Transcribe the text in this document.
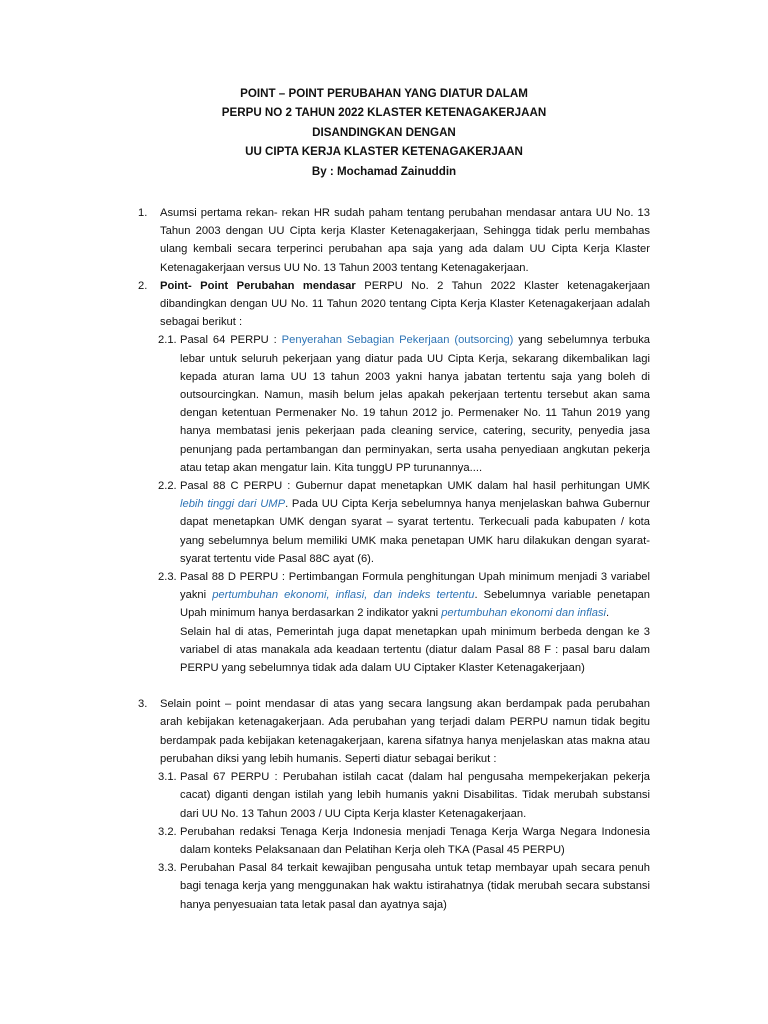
POINT – POINT PERUBAHAN YANG DIATUR DALAM
PERPU NO 2 TAHUN 2022 KLASTER KETENAGAKERJAAN
DISANDINGKAN DENGAN
UU CIPTA KERJA KLASTER KETENAGAKERJAAN
By : Mochamad Zainuddin
1. Asumsi pertama rekan- rekan HR sudah paham tentang perubahan mendasar antara UU No. 13 Tahun 2003 dengan UU Cipta kerja Klaster Ketenagakerjaan, Sehingga tidak perlu membahas ulang kembali secara terperinci perubahan apa saja yang ada dalam UU Cipta Kerja Klaster Ketenagakerjaan versus UU No. 13 Tahun 2003 tentang Ketenagakerjaan.
2. Point- Point Perubahan mendasar PERPU No. 2 Tahun 2022 Klaster ketenagakerjaan dibandingkan dengan UU No. 11 Tahun 2020 tentang Cipta Kerja Klaster Ketenagakerjaan adalah sebagai berikut :
2.1. Pasal 64 PERPU : Penyerahan Sebagian Pekerjaan (outsorcing) yang sebelumnya terbuka lebar untuk seluruh pekerjaan yang diatur pada UU Cipta Kerja, sekarang dikembalikan lagi kepada aturan lama UU 13 tahun 2003 yakni hanya jabatan tertentu saja yang boleh di outsourcingkan. Namun, masih belum jelas apakah pekerjaan tertentu tersebut akan sama dengan ketentuan Permenaker No. 19 tahun 2012 jo. Permenaker No. 11 Tahun 2019 yang hanya membatasi jenis pekerjaan pada cleaning service, catering, security, penyedia jasa penunjang pada pertambangan dan perminyakan, serta usaha penyediaan angkutan pekerja atau tetap akan mengatur lain. Kita tunggU PP turunannya....
2.2. Pasal 88 C PERPU : Gubernur dapat menetapkan UMK dalam hal hasil perhitungan UMK lebih tinggi dari UMP. Pada UU Cipta Kerja sebelumnya hanya menjelaskan bahwa Gubernur dapat menetapkan UMK dengan syarat – syarat tertentu. Terkecuali pada kabupaten / kota yang sebelumnya belum memiliki UMK maka penetapan UMK haru dilakukan dengan syarat-syarat tertentu vide Pasal 88C ayat (6).
2.3. Pasal 88 D PERPU : Pertimbangan Formula penghitungan Upah minimum menjadi 3 variabel yakni pertumbuhan ekonomi, inflasi, dan indeks tertentu. Sebelumnya variable penetapan Upah minimum hanya berdasarkan 2 indikator yakni pertumbuhan ekonomi dan inflasi.
Selain hal di atas, Pemerintah juga dapat menetapkan upah minimum berbeda dengan ke 3 variabel di atas manakala ada keadaan tertentu (diatur dalam Pasal 88 F : pasal baru dalam PERPU yang sebelumnya tidak ada dalam UU Ciptaker Klaster Ketenagakerjaan)
3. Selain point – point mendasar di atas yang secara langsung akan berdampak pada perubahan arah kebijakan ketenagakerjaan. Ada perubahan yang terjadi dalam PERPU namun tidak begitu berdampak pada kebijakan ketenagakerjaan, karena sifatnya hanya menjelaskan atas makna atau perubahan diksi yang lebih humanis. Seperti diatur sebagai berikut :
3.1. Pasal 67 PERPU : Perubahan istilah cacat (dalam hal pengusaha mempekerjakan pekerja cacat) diganti dengan istilah yang lebih humanis yakni Disabilitas. Tidak merubah substansi dari UU No. 13 Tahun 2003 / UU Cipta Kerja klaster Ketenagakerjaan.
3.2. Perubahan redaksi Tenaga Kerja Indonesia menjadi Tenaga Kerja Warga Negara Indonesia dalam konteks Pelaksanaan dan Pelatihan Kerja oleh TKA (Pasal 45 PERPU)
3.3. Perubahan Pasal 84 terkait kewajiban pengusaha untuk tetap membayar upah secara penuh bagi tenaga kerja yang menggunakan hak waktu istirahatnya (tidak merubah secara substansi hanya penyesuaian tata letak pasal dan ayatnya saja)
